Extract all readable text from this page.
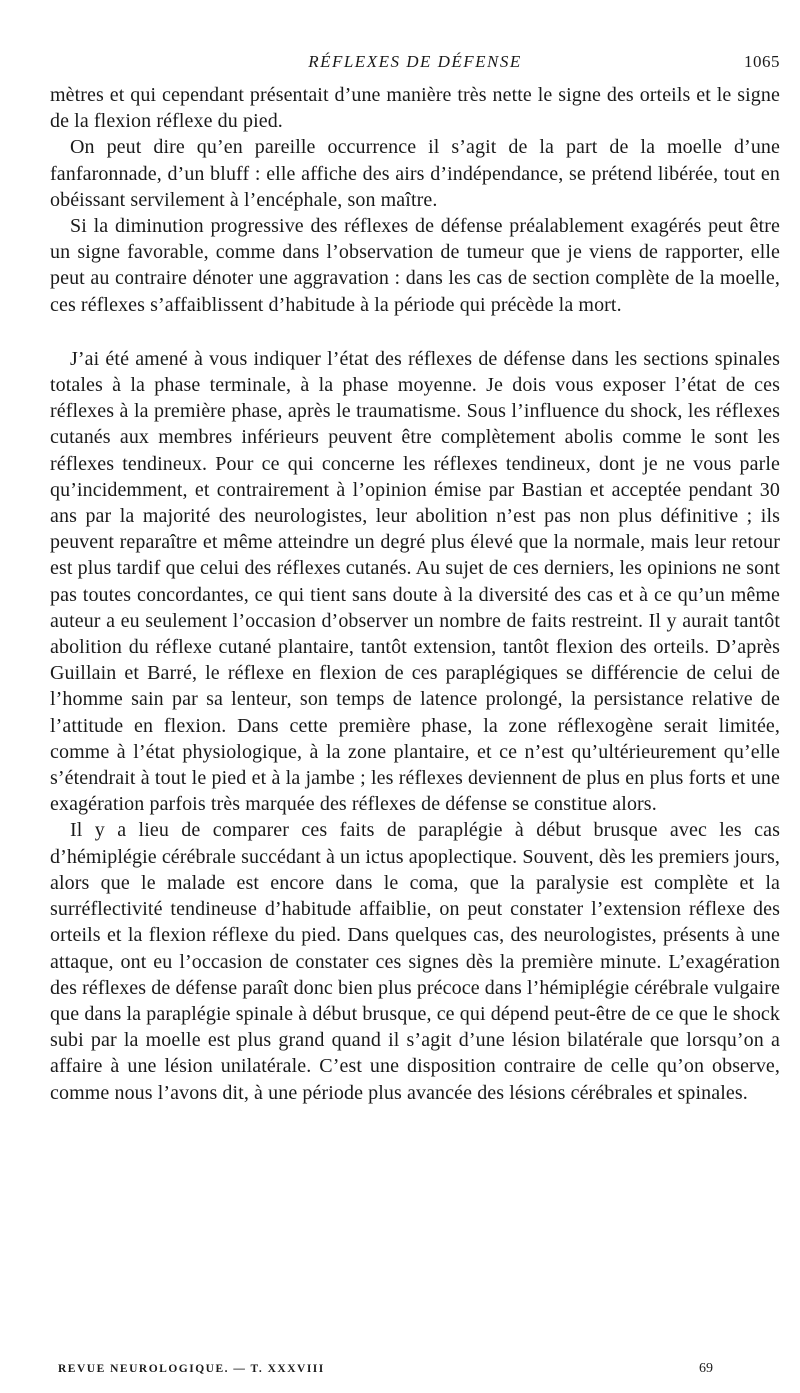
RÉFLEXES DE DÉFENSE	1065

mètres et qui cependant présentait d’une manière très nette le signe des orteils et le signe de la flexion réflexe du pied.

On peut dire qu’en pareille occurrence il s’agit de la part de la moelle d’une fanfaronnade, d’un bluff : elle affiche des airs d’indépendance, se prétend libérée, tout en obéissant servilement à l’encéphale, son maître.

Si la diminution progressive des réflexes de défense préalablement exagérés peut être un signe favorable, comme dans l’observation de tumeur que je viens de rapporter, elle peut au contraire dénoter une aggravation : dans les cas de section complète de la moelle, ces réflexes s’affaiblissent d’habitude à la période qui précède la mort.

J’ai été amené à vous indiquer l’état des réflexes de défense dans les sections spinales totales à la phase terminale, à la phase moyenne. Je dois vous exposer l’état de ces réflexes à la première phase, après le traumatisme. Sous l’influence du shock, les réflexes cutanés aux membres inférieurs peuvent être complètement abolis comme le sont les réflexes tendineux. Pour ce qui concerne les réflexes tendineux, dont je ne vous parle qu’incidemment, et contrairement à l’opinion émise par Bastian et acceptée pendant 30 ans par la majorité des neurologistes, leur abolition n’est pas non plus définitive ; ils peuvent reparaître et même atteindre un degré plus élevé que la normale, mais leur retour est plus tardif que celui des réflexes cutanés. Au sujet de ces derniers, les opinions ne sont pas toutes concordantes, ce qui tient sans doute à la diversité des cas et à ce qu’un même auteur a eu seulement l’occasion d’observer un nombre de faits restreint. Il y aurait tantôt abolition du réflexe cutané plantaire, tantôt extension, tantôt flexion des orteils. D’après Guillain et Barré, le réflexe en flexion de ces paraplégiques se différencie de celui de l’homme sain par sa lenteur, son temps de latence prolongé, la persistance relative de l’attitude en flexion. Dans cette première phase, la zone réflexogène serait limitée, comme à l’état physiologique, à la zone plantaire, et ce n’est qu’ultérieurement qu’elle s’étendrait à tout le pied et à la jambe ; les réflexes deviennent de plus en plus forts et une exagération parfois très marquée des réflexes de défense se constitue alors.

Il y a lieu de comparer ces faits de paraplégie à début brusque avec les cas d’hémiplégie cérébrale succédant à un ictus apoplectique. Souvent, dès les premiers jours, alors que le malade est encore dans le coma, que la paralysie est complète et la surréflectivité tendineuse d’habitude affaiblie, on peut constater l’extension réflexe des orteils et la flexion réflexe du pied. Dans quelques cas, des neurologistes, présents à une attaque, ont eu l’occasion de constater ces signes dès la première minute. L’exagération des réflexes de défense paraît donc bien plus précoce dans l’hémiplégie cérébrale vulgaire que dans la paraplégie spinale à début brusque, ce qui dépend peut-être de ce que le shock subi par la moelle est plus grand quand il s’agit d’une lésion bilatérale que lorsqu’on a affaire à une lésion unilatérale. C’est une disposition contraire de celle qu’on observe, comme nous l’avons dit, à une période plus avancée des lésions cérébrales et spinales.

REVUE NEUROLOGIQUE. — T. XXXVIII	69
